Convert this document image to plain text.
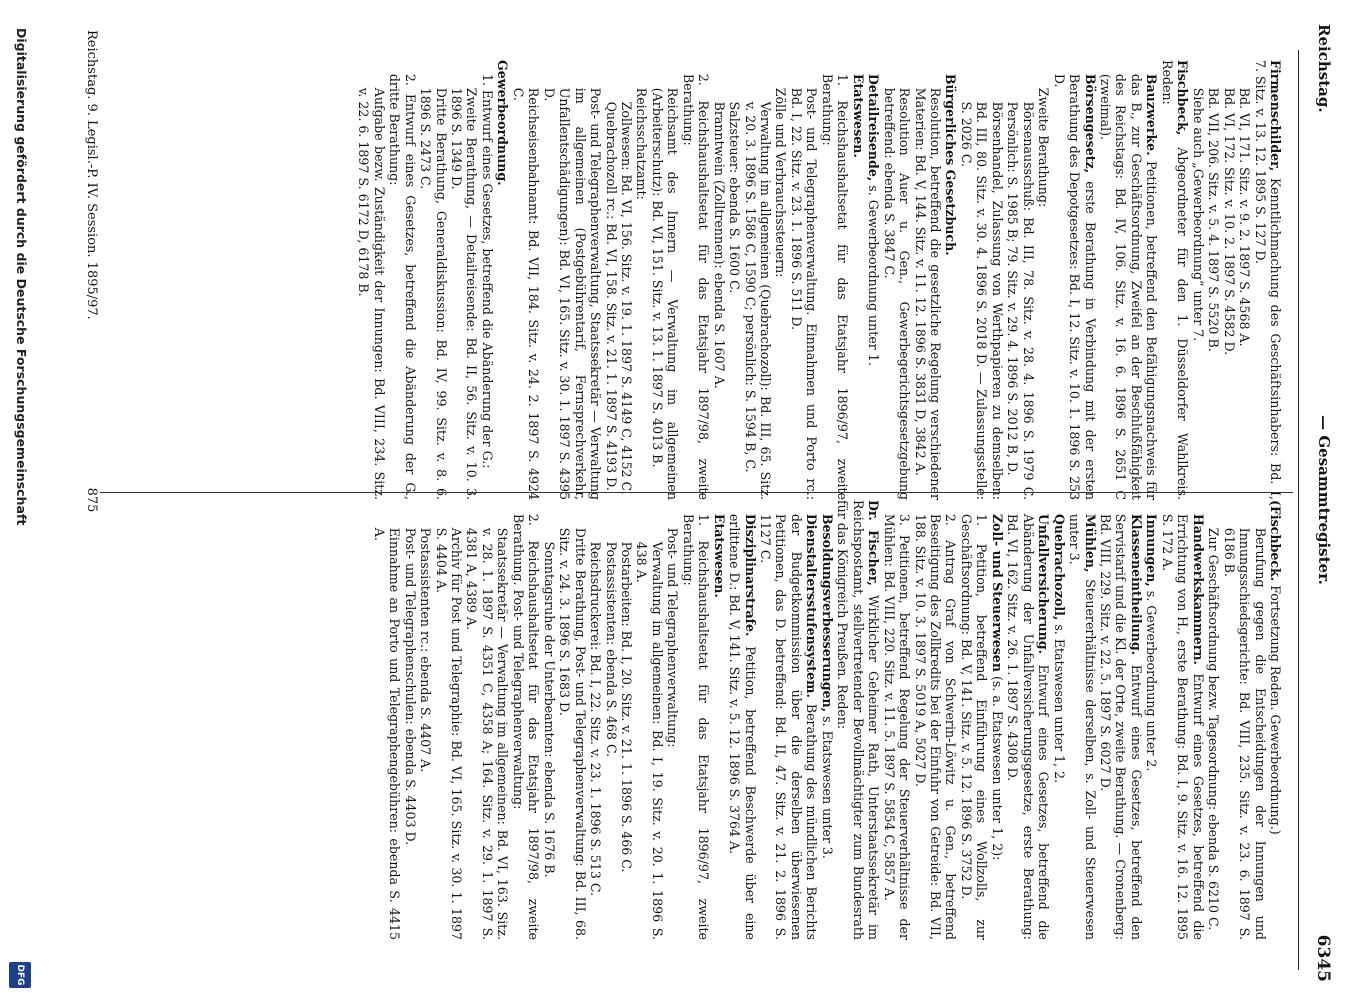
Reichstag.
— Gesammtregister.
6345

Firmenschilder, Kenntlichmachung des Geschäftsinhabers: Bd. I, 7. Sitz. v. 13. 12. 1895 S. 127 D.

Bd. VI, 171. Sitz. v. 9. 2. 1897 S. 4568 A.

Bd. VI, 172. Sitz. v. 10. 2. 1897 S. 4582 D.

Bd. VII, 206. Sitz. v. 5. 4. 1897 S. 5520 B.

Siehe auch „Gewerbeordnung“ unter 7.

Fischbeck, Abgeordneter für den 1. Düsseldorfer Wahlkreis. Reden:

Bauzwerke. Petitionen, betreffend den Befähigungsnachweis für das B., zur Geschäftsordnung, Zweifel an der Beschlußfähigkeit des Reichstags: Bd. IV, 106. Sitz. v. 16. 6. 1896 S. 2651 C (zweimal).

Börsengesetz, erste Berathung in Verbindung mit der ersten Berathung des Depotgesetzes: Bd. I, 12. Sitz. v. 10. 1. 1896 S. 253 D.

Zweite Berathung:

Börsenausschuß: Bd. III, 78. Sitz. v. 28. 4. 1896 S. 1979 C. Persönlich: S. 1985 B; 79. Sitz. v. 29. 4. 1896 S. 2012 B, D.

Börsenhandel, Zulassung von Werthpapieren zu demselben: Bd. III, 80. Sitz. v. 30. 4. 1896 S. 2018 D. — Zulassungsstelle: S. 2026 C.

Bürgerliches Gesetzbuch.

Resolution, betreffend die gesetzliche Regelung verschiedener Materien: Bd. V, 144. Sitz. v. 11. 12. 1896 S. 3831 D, 3842 A.

Resolution Auer u. Gen., Gewerbegerichtsgesetzgebung betreffend: ebenda S. 3847 C.

Detailreisende, s. Gewerbeordnung unter 1.

Etatswesen.

1. Reichshaushaltsetat für das Etatsjahr 1896/97, zweite Berathung:

Post- und Telegraphenverwaltung. Einnahmen und Porto rc.: Bd. I, 22. Sitz. v. 23. 1. 1896 S. 511 D.

Zölle und Verbrauchssteuern:

Verwaltung im allgemeinen (Quebrachozoll): Bd. III, 65. Sitz. v. 20. 3. 1896 S. 1586 C, 1590 C; persönlich: S. 1594 B, C.

Salzsteuer: ebenda S. 1600 C.

Branntwein (Zolltrennen): ebenda S. 1607 A.

2. Reichshaushaltsetat für das Etatsjahr 1897/98, zweite Berathung:

Reichsamt des Innern — Verwaltung im allgemeinen (Arbeiterschutz): Bd. VI, 151. Sitz. v. 13. 1. 1897 S. 4013 B.

Reichsschatzamt:

Zollwesen: Bd. VI, 156. Sitz. v. 19. 1. 1897 S. 4149 C, 4152 C.

Quebrachozoll rc.: Bd. VI, 158. Sitz. v. 21. 1. 1897 S. 4193 D.

Post- und Telegraphenverwaltung, Staatssekretär — Verwaltung im allgemeinen (Postgebührentarif, Fernsprechverkehr, Unfallentschädigungen): Bd. VI, 165. Sitz. v. 30. 1. 1897 S. 4395 D.

Reichseisenbahnamt: Bd. VII, 184. Sitz. v. 24. 2. 1897 S. 4924 C.

Gewerbeordnung.

1. Entwurf eines Gesetzes, betreffend die Abänderung der G.:

Zweite Berathung, — Detailreisende: Bd. II, 56. Sitz. v. 10. 3. 1896 S. 1349 D.

Dritte Berathung, Generaldiskussion: Bd. IV, 99. Sitz. v. 8. 6. 1896 S. 2473 C.

2. Entwurf eines Gesetzes, betreffend die Abänderung der G., dritte Berathung:

Aufgabe bezw. Zuständigkeit der Innungen: Bd. VIII, 234. Sitz. v. 22. 6. 1897 S. 6172 D, 6178 B.

(Fischbeck. Fortsetzung Reden. Gewerbeordnung.)

Berufung gegen die Entscheidungen der Innungen und Innungsschiedsgerichte: Bd. VIII, 235. Sitz. v. 23. 6. 1897 S. 6186 B.

Zur Geschäftsordnung bezw. Tagesordnung: ebenda S. 6210 C.

Handwerkskammern. Entwurf eines Gesetzes, betreffend die Errichtung von H., erste Berathung: Bd. I, 9. Sitz. v. 16. 12. 1895 S. 172 A.

Innungen, s. Gewerbeordnung unter 2.

Klasseneintheilung. Entwurf eines Gesetzes, betreffend den Servistarif und die Kl. der Orte, zweite Berathung. — Cronenberg: Bd. VIII, 229. Sitz. v. 22. 5. 1897 S. 6027 D.

Mühlen, Steuererhältnisse derselben, s. Zoll- und Steuerwesen unter 3.

Quebrachozoll, s. Etatswesen unter 1, 2.

Unfallversicherung. Entwurf eines Gesetzes, betreffend die Abänderung der Unfallversicherungsgesetze, erste Berathung: Bd. VI, 162. Sitz. v. 26. 1. 1897 S. 4308 D.

Zoll- und Steuerwesen (s. a. Etatswesen unter 1, 2):

1. Petition, betreffend Einführung eines Wollzolls, zur Geschäftsordnung: Bd. V, 141. Sitz. v. 5. 12. 1896 S. 3752 D.

2. Antrag Graf von Schwerin-Löwitz u. Gen., betreffend Beseitigung des Zollkredits bei der Einfuhr von Getreide: Bd. VII, 188. Sitz. v. 10. 3. 1897 S. 5019 A, 5027 D.

3. Petitionen, betreffend Regelung der Steuerverhältnisse der Mühlen: Bd. VIII, 220. Sitz. v. 11. 5. 1897 S. 5854 C, 5857 A.

Dr. Fischer, Wirklicher Geheimer Rath, Unterstaatssekretär im Reichspostamt, stellvertretender Bevollmächtigter zum Bundesrath für das Königreich Preußen. Reden:

Besoldungsverbesserungen, s. Etatswesen unter 3.

Dienstaltersstufensystem. Berathung des mündlichen Berichts der Budgetkommission über die derselben überwiesenen Petitionen, das D. betreffend: Bd. II, 47. Sitz. v. 21. 2. 1896 S. 1127 C.

Disziplinarstrafe. Petition, betreffend Beschwerde über eine erlittene D.: Bd. V, 141. Sitz. v. 5. 12. 1896 S. 3764 A.

Etatswesen.

1. Reichshaushaltsetat für das Etatsjahr 1896/97, zweite Berathung:

Post- und Telegraphenverwaltung:

Verwaltung im allgemeinen: Bd. I, 19. Sitz. v. 20. 1. 1896 S. 438 A.

Postarbeiten: Bd. I, 20. Sitz. v. 21. 1. 1896 S. 466 C.

Postassistenten: ebenda S. 468 C.

Reichsdruckerei: Bd. I, 22. Sitz. v. 23. 1. 1896 S. 513 C.

Dritte Berathung, Post- und Telegraphenverwaltung: Bd. III, 68. Sitz. v. 24. 3. 1896 S. 1683 D.

Sonntagsruhe der Unterbeamten: ebenda S. 1676 B.

2. Reichshaushaltsetat für das Etatsjahr 1897/98, zweite Berathung. Post- und Telegraphenverwaltung:

Staatssekretär — Verwaltung im allgemeinen: Bd. VI, 163. Sitz. v. 28. 1. 1897 S. 4351 C, 4358 A; 164. Sitz. v. 29. 1. 1897 S. 4381 A, 4389 A.

Archiv für Post und Telegraphie: Bd. VI, 165. Sitz. v. 30. 1. 1897 S. 4404 A.

Postassistenten rc.: ebenda S. 4407 A.

Post- und Telegraphenschulen: ebenda S. 4403 D.

Einnahme an Porto und Telegraphengebühren: ebenda S. 4415 A.

Reichstag. 9. Legisl.-P. IV. Session. 1895/97.
875
Digitalisierung gefördert durch die Deutsche Forschungsgemeinschaft
DFG
